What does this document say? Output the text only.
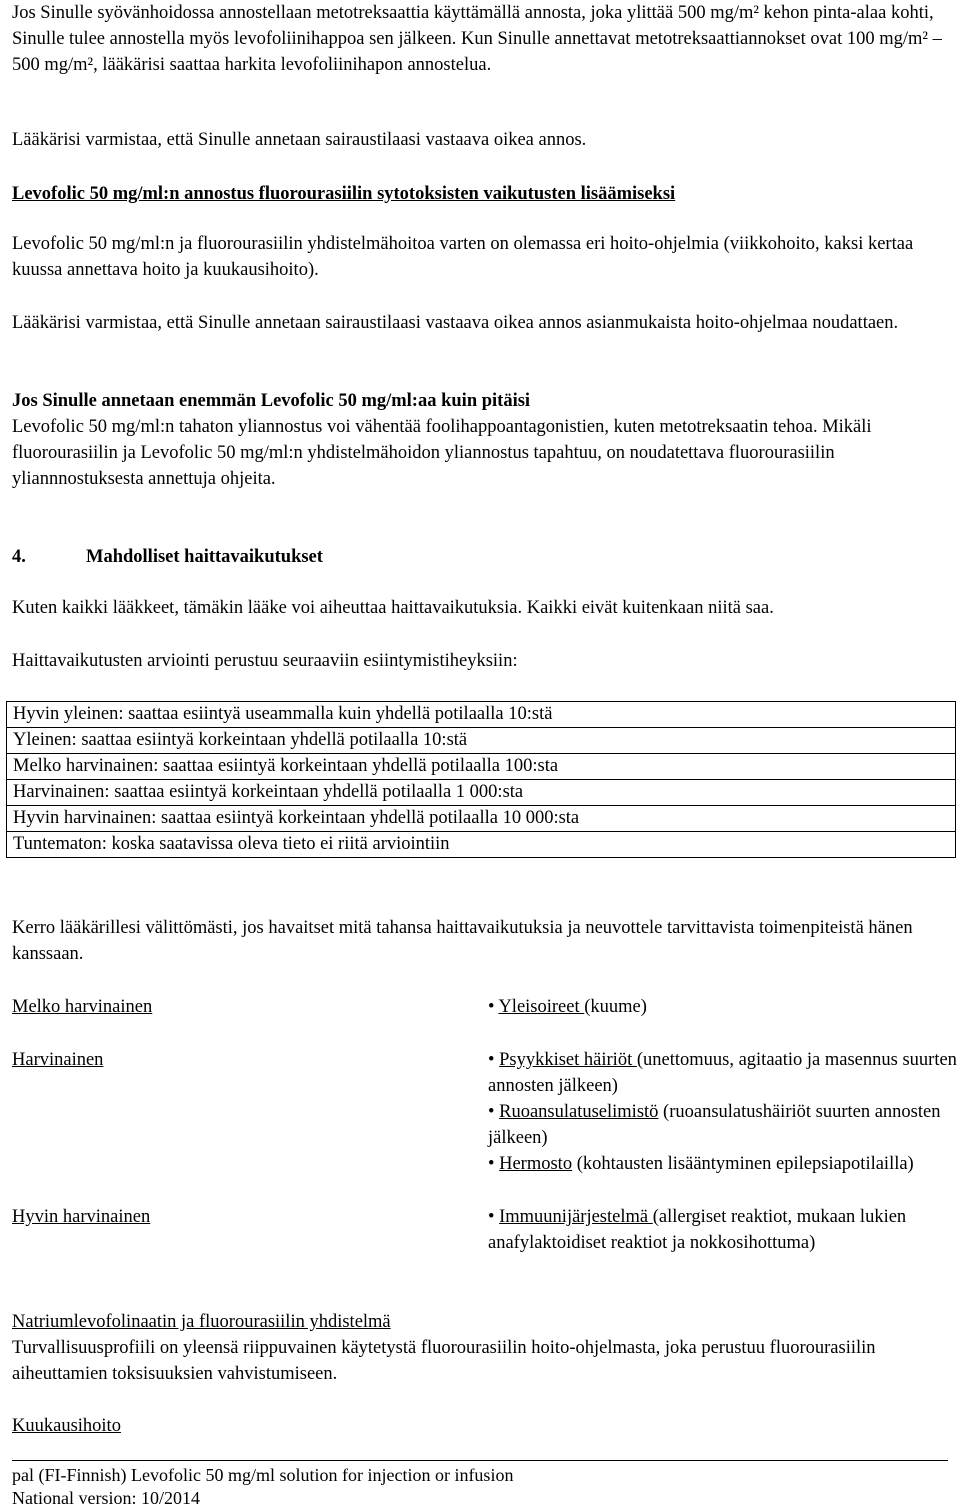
Jos Sinulle syövänhoidossa annostellaan metotreksaattia käyttämällä annosta, joka ylittää 500 mg/m² kehon pinta-alaa kohti, Sinulle tulee annostella myös levofoliinihappoa sen jälkeen. Kun Sinulle annettavat metotreksaattiannokset ovat 100 mg/m² – 500 mg/m², lääkärisi saattaa harkita levofoliinihapon annostelua.

Lääkärisi varmistaa, että Sinulle annetaan sairaustilaasi vastaava oikea annos.

Levofolic 50 mg/ml:n annostus fluorourasiilin sytotoksisten vaikutusten lisäämiseksi

Levofolic 50 mg/ml:n ja fluorourasiilin yhdistelmähoitoa varten on olemassa eri hoito-ohjelmia (viikkohoito, kaksi kertaa kuussa annettava hoito ja kuukausihoito).

Lääkärisi varmistaa, että Sinulle annetaan sairaustilaasi vastaava oikea annos asianmukaista hoito-ohjelmaa noudattaen.

Jos Sinulle annetaan enemmän Levofolic 50 mg/ml:aa kuin pitäisi

Levofolic 50 mg/ml:n tahaton yliannostus voi vähentää foolihappoantagonistien, kuten metotreksaatin tehoa. Mikäli fluorourasiilin ja Levofolic 50 mg/ml:n yhdistelmähoidon yliannostus tapahtuu, on noudatettava fluorourasiilin yliannnostuksesta annettuja ohjeita.

4.	Mahdolliset haittavaikutukset

Kuten kaikki lääkkeet, tämäkin lääke voi aiheuttaa haittavaikutuksia. Kaikki eivät kuitenkaan niitä saa.

Haittavaikutusten arviointi perustuu seuraaviin esiintymistiheyksiin:

Hyvin yleinen: saattaa esiintyä useammalla kuin yhdellä potilaalla 10:stä
Yleinen: saattaa esiintyä korkeintaan yhdellä potilaalla 10:stä
Melko harvinainen: saattaa esiintyä korkeintaan yhdellä potilaalla 100:sta
Harvinainen: saattaa esiintyä korkeintaan yhdellä potilaalla 1 000:sta
Hyvin harvinainen: saattaa esiintyä korkeintaan yhdellä potilaalla 10 000:sta
Tuntematon: koska saatavissa oleva tieto ei riitä arviointiin

Kerro lääkärillesi välittömästi, jos havaitset mitä tahansa haittavaikutuksia ja neuvottele tarvittavista toimenpiteistä hänen kanssaan.

Melko harvinainen	• Yleisoireet (kuume)

Harvinainen	• Psyykkiset häiriöt (unettomuus, agitaatio ja masennus suurten annosten jälkeen)

• Ruoansulatuselimistö (ruoansulatushäiriöt suurten annosten jälkeen)

• Hermosto (kohtausten lisääntyminen epilepsiapotilailla)

Hyvin harvinainen	• Immuunijärjestelmä (allergiset reaktiot, mukaan lukien anafylaktoidiset reaktiot ja nokkosihottuma)

Natriumlevofolinaatin ja fluorourasiilin yhdistelmä

Turvallisuusprofiili on yleensä riippuvainen käytetystä fluorourasiilin hoito-ohjelmasta, joka perustuu fluorourasiilin aiheuttamien toksisuuksien vahvistumiseen.

Kuukausihoito

pal (FI-Finnish) Levofolic 50 mg/ml solution for injection or infusion
National version: 10/2014
